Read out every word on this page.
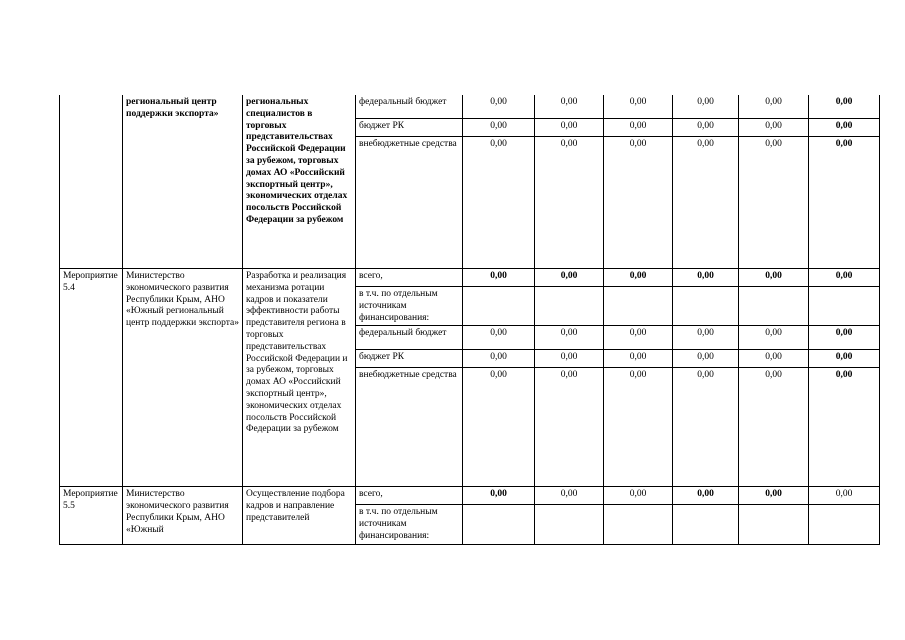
	региональный центр поддержки экспорта»	региональных специалистов в торговых представительствах Российской Федерации за рубежом, торговых домах АО «Российский экспортный центр», экономических отделах посольств Российской Федерации за рубежом	федеральный бюджет	0,00	0,00	0,00	0,00	0,00	0,00
			бюджет РК	0,00	0,00	0,00	0,00	0,00	0,00
			внебюджетные средства	0,00	0,00	0,00	0,00	0,00	0,00
Мероприятие 5.4	Министерство экономического развития Республики Крым, АНО «Южный региональный центр поддержки экспорта»	Разработка и реализация механизма ротации кадров и показатели эффективности работы представителя региона в торговых представительствах Российской Федерации и за рубежом, торговых домах АО «Российский экспортный центр», экономических отделах посольств Российской Федерации за рубежом	всего,	0,00	0,00	0,00	0,00	0,00	0,00
			в т.ч. по отдельным источникам финансирования:						
			федеральный бюджет	0,00	0,00	0,00	0,00	0,00	0,00
			бюджет РК	0,00	0,00	0,00	0,00	0,00	0,00
			внебюджетные средства	0,00	0,00	0,00	0,00	0,00	0,00
Мероприятие 5.5	Министерство экономического развития Республики Крым, АНО «Южный	Осуществление подбора кадров и направление представителей	всего,	0,00	0,00	0,00	0,00	0,00	0,00
			в т.ч. по отдельным источникам финансирования:						
